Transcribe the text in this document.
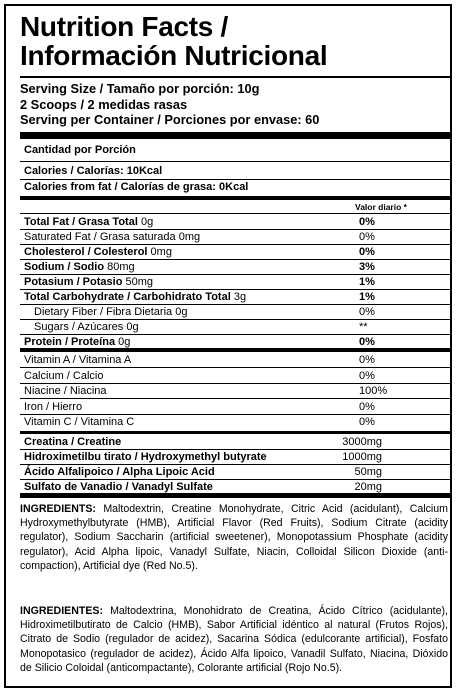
Nutrition Facts /
Información Nutricional
Serving Size / Tamaño por porción: 10g
2 Scoops / 2 medidas rasas
Serving per Container / Porciones por envase: 60
Cantidad por Porción
Calories / Calorías: 10Kcal
Calories from fat / Calorías de grasa: 0Kcal
Valor diario *
Total Fat / Grasa Total 0g	0%
Saturated Fat / Grasa saturada 0mg	0%
Cholesterol / Colesterol 0mg	0%
Sodium / Sodio 80mg	3%
Potasium / Potasio 50mg	1%
Total Carbohydrate / Carbohidrato Total 3g	1%
Dietary Fiber / Fibra Dietaria 0g	0%
Sugars / Azúcares 0g	**
Protein / Proteína 0g	0%
Vitamin A / Vitamina A	0%
Calcium / Calcio	0%
Niacine / Niacina	100%
Iron / Hierro	0%
Vitamin C / Vitamina C	0%
Creatina / Creatine	3000mg
Hidroximetilbu tirato / Hydroxymethyl butyrate	1000mg
Ácido Alfalipoico / Alpha Lipoic Acid	50mg
Sulfato de Vanadio / Vanadyl Sulfate	20mg
INGREDIENTS: Maltodextrin, Creatine Monohydrate, Citric Acid (acidulant), Calcium Hydroxymethylbutyrate (HMB), Artificial Flavor (Red Fruits), Sodium Citrate (acidity regulator), Sodium Saccharin (artificial sweetener), Monopotassium Phosphate (acidity regulator), Acid Alpha lipoic, Vanadyl Sulfate, Niacin, Colloidal Silicon Dioxide (anti- compaction), Artificial dye (Red No.5).
INGREDIENTES: Maltodextrina, Monohidrato de Creatina, Ácido Cítrico (acidulante), Hidroximetilbutirato de Calcio (HMB), Sabor Artificial idéntico al natural (Frutos Rojos), Citrato de Sodio (regulador de acidez), Sacarina Sódica (edulcorante artificial), Fosfato Monopotasico (regulador de acidez), Ácido Alfa lipoico, Vanadil Sulfato, Niacina, Dióxido de Silicio Coloidal (anticompactante), Colorante artificial (Rojo No.5).
